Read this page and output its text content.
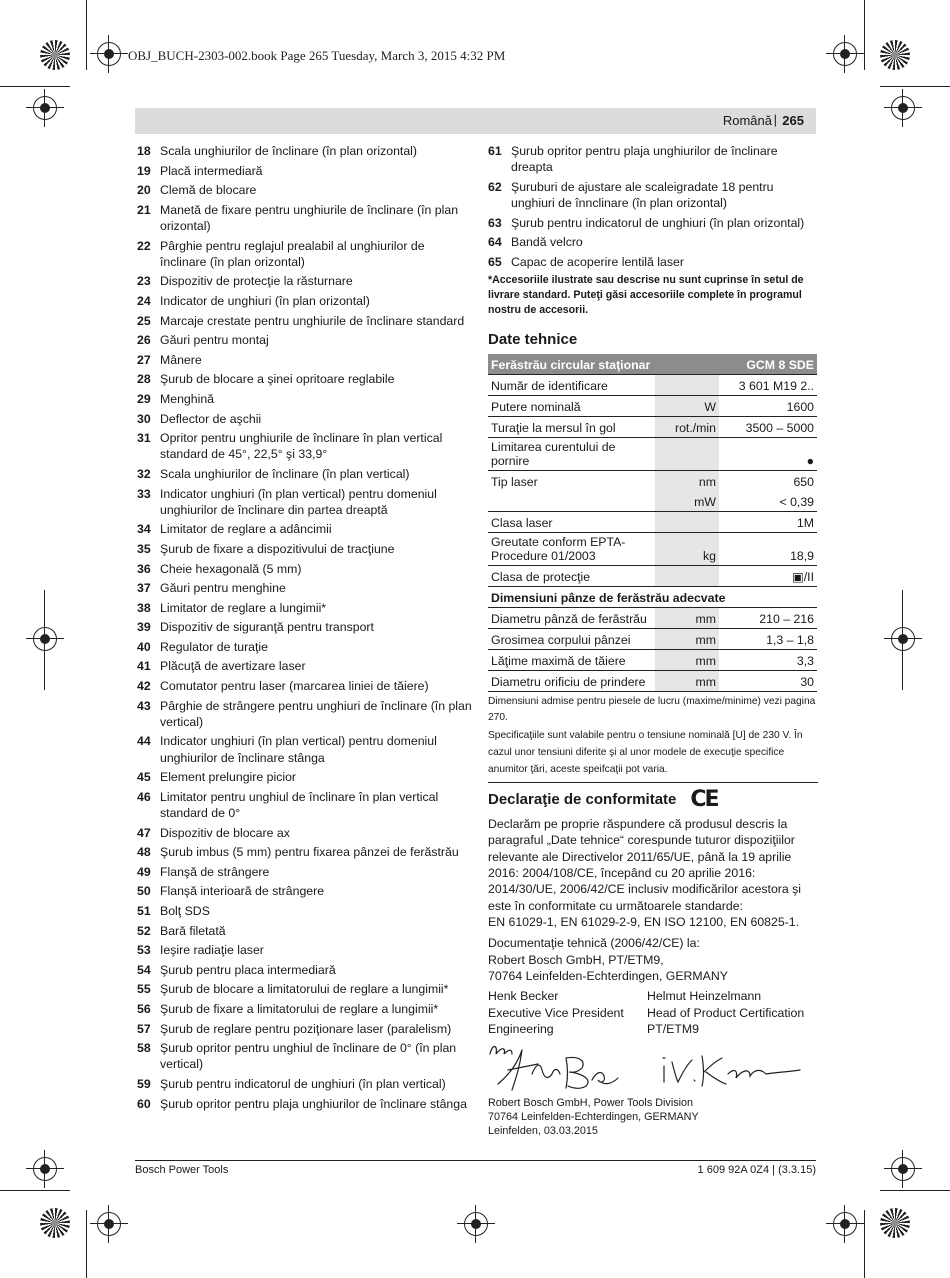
OBJ_BUCH-2303-002.book Page 265 Tuesday, March 3, 2015 4:32 PM
Română | 265
18 Scala unghiurilor de înclinare (în plan orizontal)
19 Placă intermediară
20 Clemă de blocare
21 Manetă de fixare pentru unghiurile de înclinare (în plan orizontal)
22 Pârghie pentru reglajul prealabil al unghiurilor de înclinare (în plan orizontal)
23 Dispozitiv de protecţie la răsturnare
24 Indicator de unghiuri (în plan orizontal)
25 Marcaje crestate pentru unghiurile de înclinare standard
26 Găuri pentru montaj
27 Mânere
28 Şurub de blocare a şinei opritoare reglabile
29 Menghină
30 Deflector de aşchii
31 Opritor pentru unghiurile de înclinare în plan vertical standard de 45°, 22,5° şi 33,9°
32 Scala unghiurilor de înclinare (în plan vertical)
33 Indicator unghiuri (în plan vertical) pentru domeniul unghiurilor de înclinare din partea dreaptă
34 Limitator de reglare a adâncimii
35 Şurub de fixare a dispozitivului de tracţiune
36 Cheie hexagonală (5 mm)
37 Găuri pentru menghine
38 Limitator de reglare a lungimii*
39 Dispozitiv de siguranţă pentru transport
40 Regulator de turaţie
41 Plăcuţă de avertizare laser
42 Comutator pentru laser (marcarea liniei de tăiere)
43 Pârghie de strângere pentru unghiuri de înclinare (în plan vertical)
44 Indicator unghiuri (în plan vertical) pentru domeniul unghiurilor de înclinare stânga
45 Element prelungire picior
46 Limitator pentru unghiul de înclinare în plan vertical standard de 0°
47 Dispozitiv de blocare ax
48 Şurub imbus (5 mm) pentru fixarea pânzei de ferăstrău
49 Flanşă de strângere
50 Flanşă interioară de strângere
51 Bolţ SDS
52 Bară filetată
53 Ieşire radiaţie laser
54 Şurub pentru placa intermediară
55 Şurub de blocare a limitatorului de reglare a lungimii*
56 Şurub de fixare a limitatorului de reglare a lungimii*
57 Şurub de reglare pentru poziţionare laser (paralelism)
58 Şurub opritor pentru unghiul de înclinare de 0° (în plan vertical)
59 Şurub pentru indicatorul de unghiuri (în plan vertical)
60 Şurub opritor pentru plaja unghiurilor de înclinare stânga
61 Şurub opritor pentru plaja unghiurilor de înclinare dreapta
62 Şuruburi de ajustare ale scaleigradate 18 pentru unghiuri de înnclinare (în plan orizontal)
63 Şurub pentru indicatorul de unghiuri (în plan orizontal)
64 Bandă velcro
65 Capac de acoperire lentilă laser
*Accesoriile ilustrate sau descrise nu sunt cuprinse în setul de livrare standard. Puteţi găsi accesoriile complete în programul nostru de accesorii.
Date tehnice
Ferăstrău circular staţionar		GCM 8 SDE
Număr de identificare		3 601 M19 2..
Putere nominală	W	1600
Turaţie la mersul în gol	rot./min	3500 – 5000
Limitarea curentului de pornire		●
Tip laser	nm	650
	mW	< 0,39
Clasa laser		1M
Greutate conform EPTA-Procedure 01/2003	kg	18,9
Clasa de protecţie		▣/II
Dimensiuni pânze de ferăstrău adecvate		
Diametru pânză de ferăstrău	mm	210 – 216
Grosimea corpului pânzei	mm	1,3 – 1,8
Lăţime maximă de tăiere	mm	3,3
Diametru orificiu de prindere	mm	30
Dimensiuni admise pentru piesele de lucru (maxime/minime) vezi pagina 270.
Specificaţiile sunt valabile pentru o tensiune nominală [U] de 230 V. În cazul unor tensiuni diferite şi al unor modele de execuţie specifice anumitor ţări, aceste speifcaţii pot varia.
Declaraţie de conformitate CE
Declarăm pe proprie răspundere că produsul descris la paragraful „Date tehnice“ corespunde tuturor dispoziţiilor relevante ale Directivelor 2011/65/UE, până la 19 aprilie 2016: 2004/108/CE, începând cu 20 aprilie 2016: 2014/30/UE, 2006/42/CE inclusiv modificărilor acestora şi este în conformitate cu următoarele standarde:
EN 61029-1, EN 61029-2-9, EN ISO 12100, EN 60825-1.
Documentaţie tehnică (2006/42/CE) la:
Robert Bosch GmbH, PT/ETM9,
70764 Leinfelden-Echterdingen, GERMANY
Henk Becker	Helmut Heinzelmann
Executive Vice President	Head of Product Certification
Engineering	PT/ETM9
Robert Bosch GmbH, Power Tools Division
70764 Leinfelden-Echterdingen, GERMANY
Leinfelden, 03.03.2015
Bosch Power Tools	1 609 92A 0Z4 | (3.3.15)
